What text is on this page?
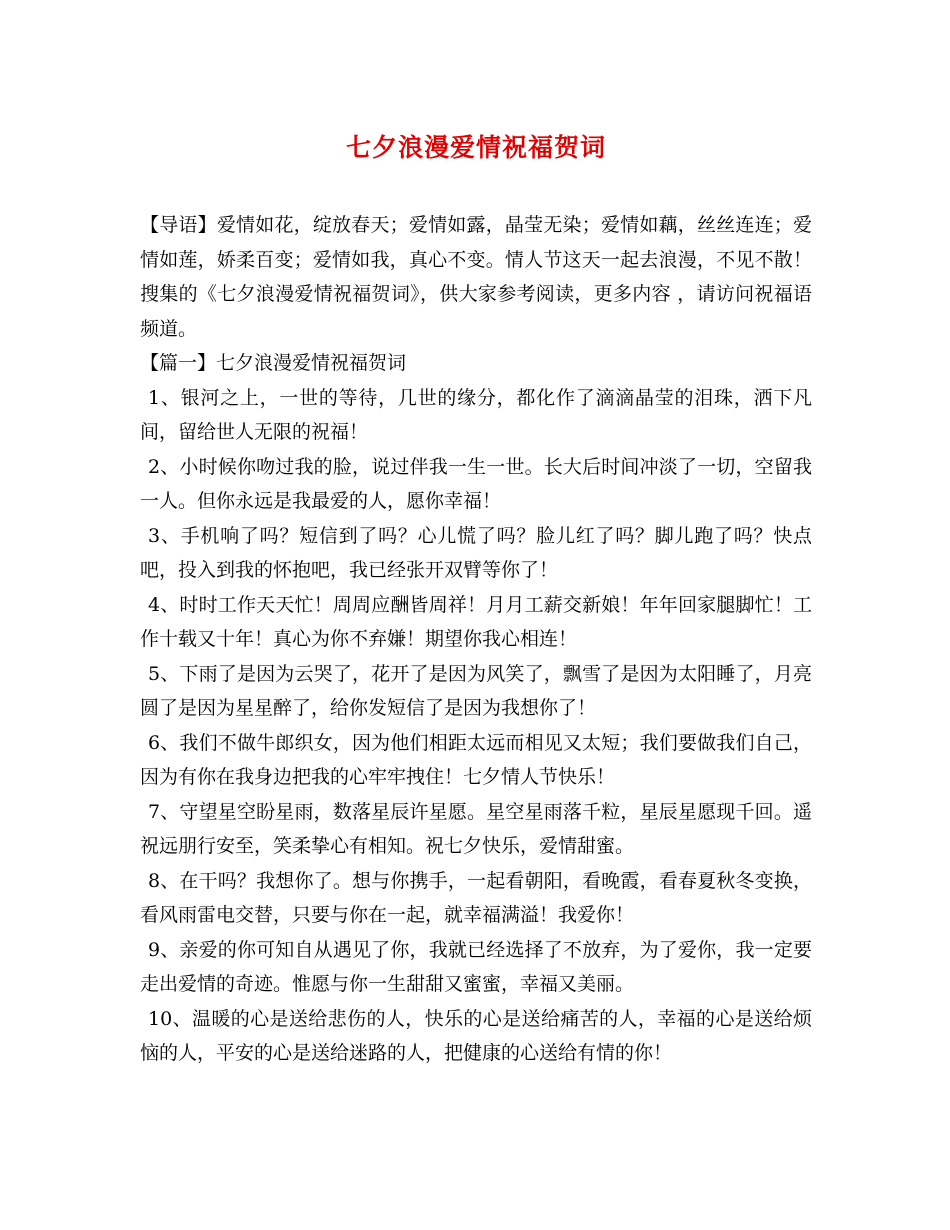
七夕浪漫爱情祝福贺词

【导语】爱情如花，绽放春天；爱情如露，晶莹无染；爱情如藕，丝丝连连；爱情如莲，娇柔百变；爱情如我，真心不变。情人节这天一起去浪漫，不见不散！搜集的《七夕浪漫爱情祝福贺词》，供大家参考阅读，更多内容 ，请访问祝福语频道。

【篇一】七夕浪漫爱情祝福贺词

1、银河之上，一世的等待，几世的缘分，都化作了滴滴晶莹的泪珠，洒下凡间，留给世人无限的祝福！

2、小时候你吻过我的脸，说过伴我一生一世。长大后时间冲淡了一切，空留我一人。但你永远是我最爱的人，愿你幸福！

3、手机响了吗？短信到了吗？心儿慌了吗？脸儿红了吗？脚儿跑了吗？快点吧，投入到我的怀抱吧，我已经张开双臂等你了！

4、时时工作天天忙！周周应酬皆周祥！月月工薪交新娘！年年回家腿脚忙！工作十载又十年！真心为你不弃嫌！期望你我心相连！

5、下雨了是因为云哭了，花开了是因为风笑了，飘雪了是因为太阳睡了，月亮圆了是因为星星醉了，给你发短信了是因为我想你了！

6、我们不做牛郎织女，因为他们相距太远而相见又太短；我们要做我们自己，因为有你在我身边把我的心牢牢拽住！七夕情人节快乐！

7、守望星空盼星雨，数落星辰许星愿。星空星雨落千粒，星辰星愿现千回。遥祝远朋行安至，笑柔挚心有相知。祝七夕快乐，爱情甜蜜。

8、在干吗？我想你了。想与你携手，一起看朝阳，看晚霞，看春夏秋冬变换，看风雨雷电交替，只要与你在一起，就幸福满溢！我爱你！

9、亲爱的你可知自从遇见了你，我就已经选择了不放弃，为了爱你，我一定要走出爱情的奇迹。惟愿与你一生甜甜又蜜蜜，幸福又美丽。

10、温暖的心是送给悲伤的人，快乐的心是送给痛苦的人，幸福的心是送给烦恼的人，平安的心是送给迷路的人，把健康的心送给有情的你！
